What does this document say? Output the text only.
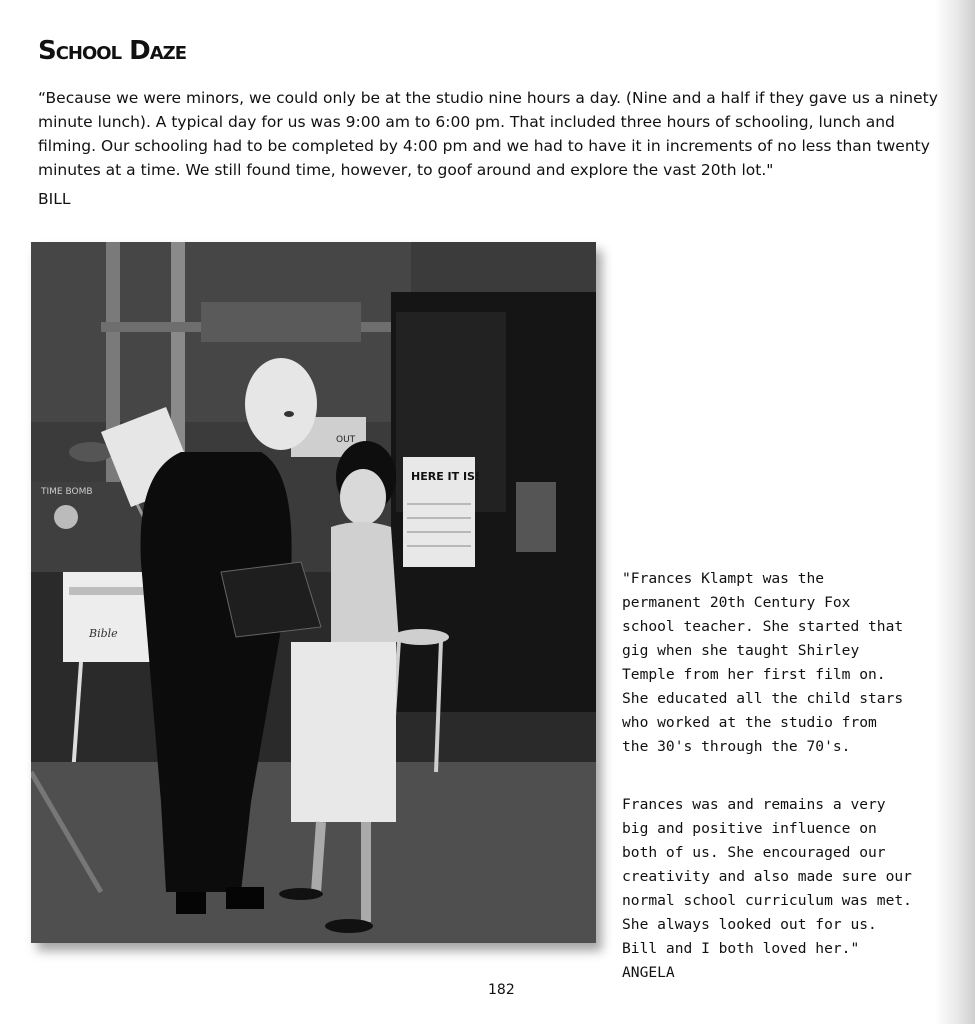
School Daze
“Because we were minors, we could only be at the studio nine hours a day. (Nine and a half if they gave us a ninety minute lunch). A typical day for us was 9:00 am to 6:00 pm. That included three hours of schooling, lunch and filming. Our schooling had to be completed by 4:00 pm and we had to have it in increments of no less than twenty minutes at a time. We still found time, however, to goof around and explore the vast 20th lot."
BILL
HERE IT IS!
TIME BOMB
OUT
Bible

"Frances Klampt was the
permanent 20th Century Fox
school teacher. She started that
gig when she taught Shirley
Temple from her first film on.
She educated all the child stars
who worked at the studio from
the 30's through the 70's.

Frances was and remains a very
big and positive influence on
both of us. She encouraged our
creativity and also made sure our
normal school curriculum was met.
She always looked out for us.
Bill and I both loved her."
ANGELA

182
